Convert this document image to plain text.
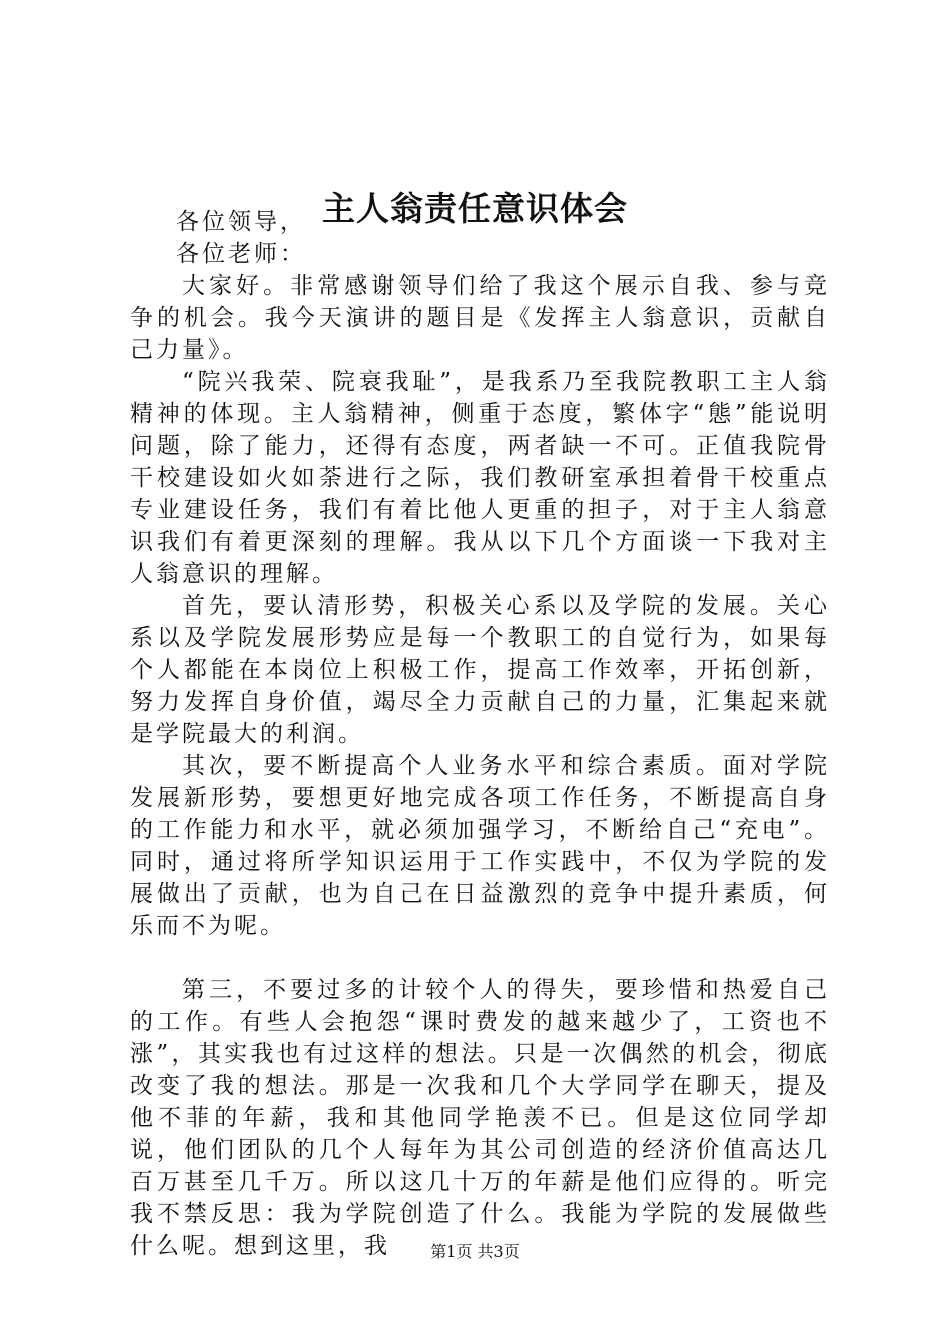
主人翁责任意识体会

各位领导，

各位老师：

大家好。非常感谢领导们给了我这个展示自我、参与竞争的机会。我今天演讲的题目是《发挥主人翁意识，贡献自己力量》。

“院兴我荣、院衰我耻”，是我系乃至我院教职工主人翁精神的体现。主人翁精神，侧重于态度，繁体字“態”能说明问题，除了能力，还得有态度，两者缺一不可。正值我院骨干校建设如火如荼进行之际，我们教研室承担着骨干校重点专业建设任务，我们有着比他人更重的担子，对于主人翁意识我们有着更深刻的理解。我从以下几个方面谈一下我对主人翁意识的理解。

首先，要认清形势，积极关心系以及学院的发展。关心系以及学院发展形势应是每一个教职工的自觉行为，如果每个人都能在本岗位上积极工作，提高工作效率，开拓创新，努力发挥自身价值，竭尽全力贡献自己的力量，汇集起来就是学院最大的利润。

其次，要不断提高个人业务水平和综合素质。面对学院发展新形势，要想更好地完成各项工作任务，不断提高自身的工作能力和水平，就必须加强学习，不断给自己“充电”。同时，通过将所学知识运用于工作实践中，不仅为学院的发展做出了贡献，也为自己在日益激烈的竞争中提升素质，何乐而不为呢。

第三，不要过多的计较个人的得失，要珍惜和热爱自己的工作。有些人会抱怨“课时费发的越来越少了，工资也不涨”，其实我也有过这样的想法。只是一次偶然的机会，彻底改变了我的想法。那是一次我和几个大学同学在聊天，提及他不菲的年薪，我和其他同学艳羡不已。但是这位同学却说，他们团队的几个人每年为其公司创造的经济价值高达几百万甚至几千万。所以这几十万的年薪是他们应得的。听完我不禁反思：我为学院创造了什么。我能为学院的发展做些什么呢。想到这里，我	第1页 共3页
